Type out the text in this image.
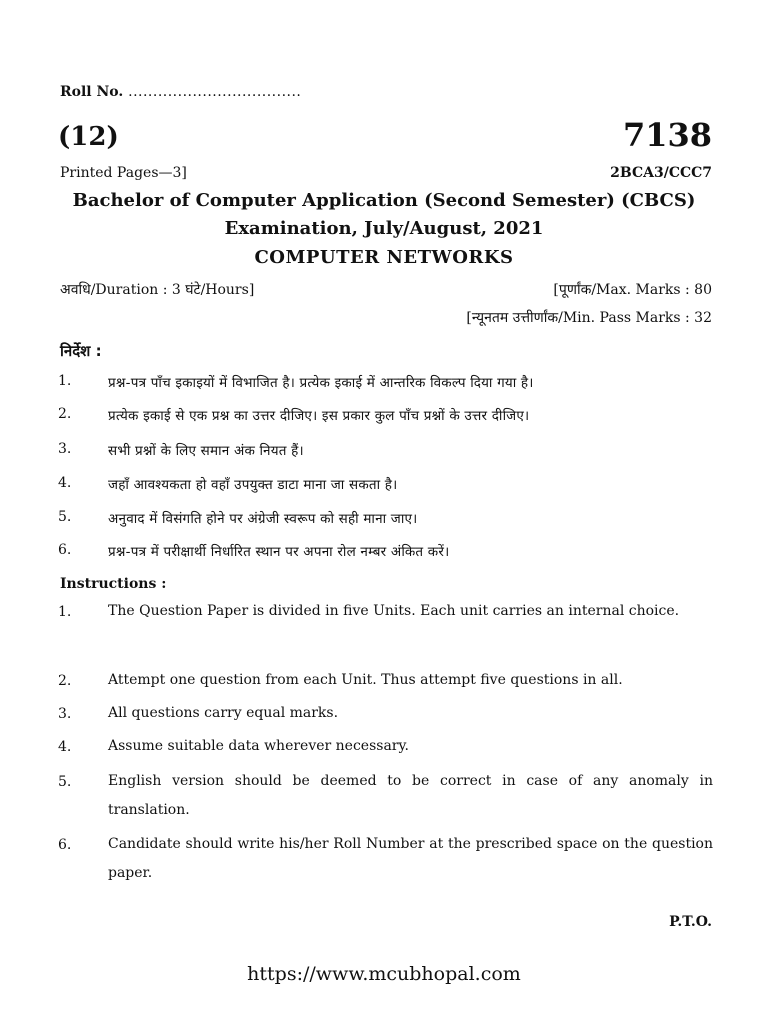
Roll No. ...................................
(12)	7138
Printed Pages—3]	2BCA3/CCC7
Bachelor of Computer Application (Second Semester) (CBCS)
Examination, July/August, 2021
COMPUTER NETWORKS
अवधि/Duration : 3 घंटे/Hours]	[पूर्णांक/Max. Marks : 80
[न्यूनतम उत्तीर्णांक/Min. Pass Marks : 32
निर्देश :
1.	प्रश्न-पत्र पाँच इकाइयों में विभाजित है। प्रत्येक इकाई में आन्तरिक विकल्प दिया गया है।
2.	प्रत्येक इकाई से एक प्रश्न का उत्तर दीजिए। इस प्रकार कुल पाँच प्रश्नों के उत्तर दीजिए।
3.	सभी प्रश्नों के लिए समान अंक नियत हैं।
4.	जहाँ आवश्यकता हो वहाँ उपयुक्त डाटा माना जा सकता है।
5.	अनुवाद में विसंगति होने पर अंग्रेजी स्वरूप को सही माना जाए।
6.	प्रश्न-पत्र में परीक्षार्थी निर्धारित स्थान पर अपना रोल नम्बर अंकित करें।
Instructions :
1.	The Question Paper is divided in five Units. Each unit carries an internal choice.
2.	Attempt one question from each Unit. Thus attempt five questions in all.
3.	All questions carry equal marks.
4.	Assume suitable data wherever necessary.
5.	English version should be deemed to be correct in case of any anomaly in translation.
6.	Candidate should write his/her Roll Number at the prescribed space on the question paper.
P.T.O.
https://www.mcubhopal.com
